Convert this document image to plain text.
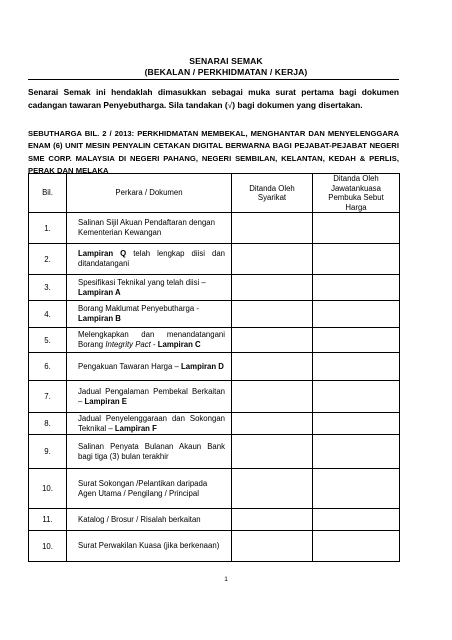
SENARAI SEMAK
(BEKALAN / PERKHIDMATAN / KERJA)
Senarai Semak ini hendaklah dimasukkan sebagai muka surat pertama bagi dokumen cadangan tawaran Penyebutharga. Sila tandakan (√) bagi dokumen yang disertakan.
SEBUTHARGA BIL. 2 / 2013: PERKHIDMATAN MEMBEKAL, MENGHANTAR DAN MENYELENGGARA ENAM (6) UNIT MESIN PENYALIN CETAKAN DIGITAL BERWARNA BAGI PEJABAT-PEJABAT NEGERI SME CORP. MALAYSIA DI NEGERI PAHANG, NEGERI SEMBILAN, KELANTAN, KEDAH & PERLIS, PERAK DAN MELAKA
Bil.	Perkara / Dokumen	Ditanda Oleh Syarikat	Ditanda Oleh Jawatankuasa Pembuka Sebut Harga
1.	Salinan Sijil Akuan Pendaftaran dengan Kementerian Kewangan		
2.	Lampiran Q telah lengkap diisi dan ditandatangani		
3.	Spesifikasi Teknikal yang telah diisi – Lampiran A		
4.	Borang Maklumat Penyebutharga - Lampiran B		
5.	Melengkapkan dan menandatangani Borang Integrity Pact - Lampiran C		
6.	Pengakuan Tawaran Harga – Lampiran D		
7.	Jadual Pengalaman Pembekal Berkaitan – Lampiran E		
8.	Jadual Penyelenggaraan dan Sokongan Teknikal – Lampiran F		
9.	Salinan Penyata Bulanan Akaun Bank bagi tiga (3) bulan terakhir		
10.	Surat Sokongan /Pelantikan daripada Agen Utama / Pengilang / Principal		
11.	Katalog / Brosur / Risalah berkaitan		
10.	Surat Perwakilan Kuasa (jika berkenaan)		
1
